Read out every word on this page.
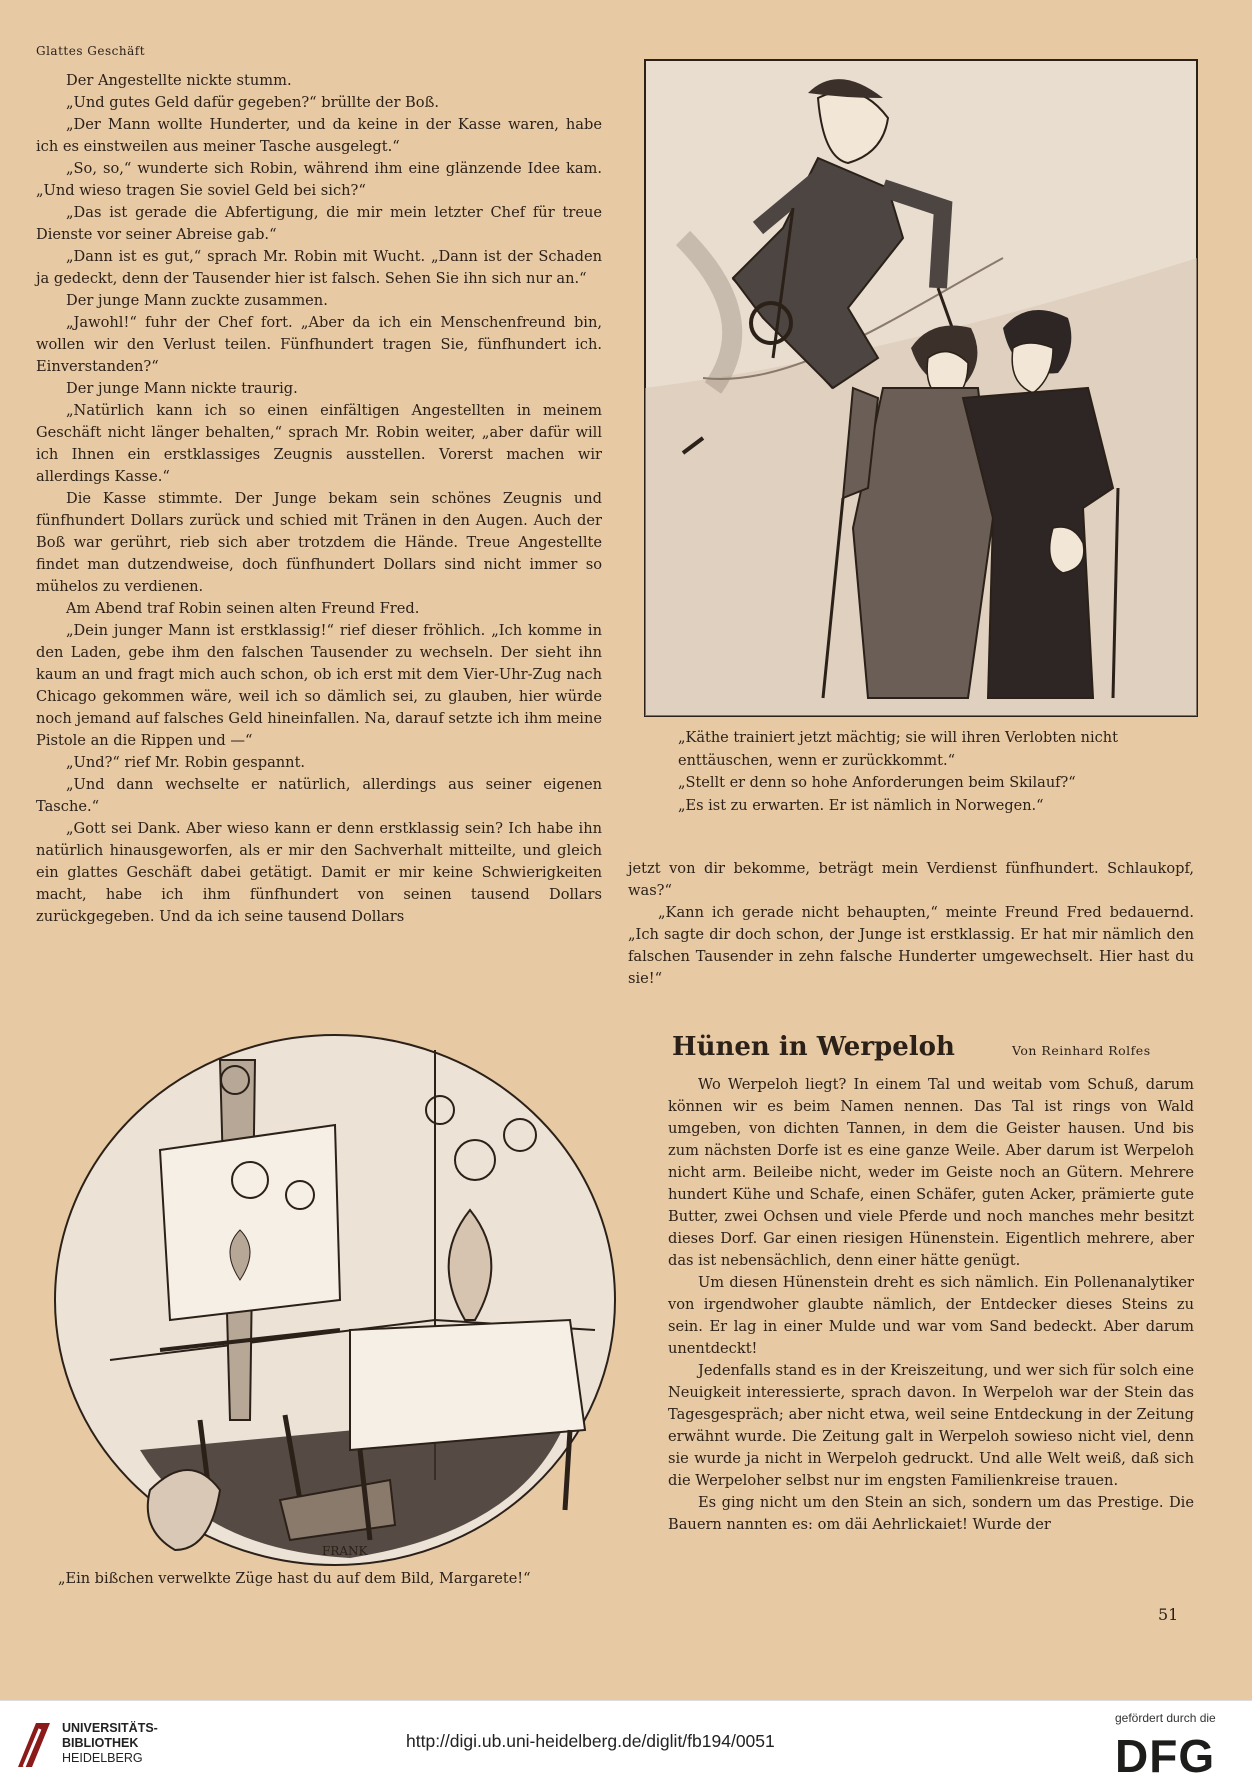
Glattes Geschäft

Der Angestellte nickte stumm.

„Und gutes Geld dafür gegeben?“ brüllte der Boß.

„Der Mann wollte Hunderter, und da keine in der Kasse waren, habe ich es einstweilen aus meiner Tasche ausgelegt.“

„So, so,“ wunderte sich Robin, während ihm eine glänzende Idee kam. „Und wieso tragen Sie soviel Geld bei sich?“

„Das ist gerade die Abfertigung, die mir mein letzter Chef für treue Dienste vor seiner Abreise gab.“

„Dann ist es gut,“ sprach Mr. Robin mit Wucht. „Dann ist der Schaden ja gedeckt, denn der Tausender hier ist falsch. Sehen Sie ihn sich nur an.“

Der junge Mann zuckte zusammen.

„Jawohl!“ fuhr der Chef fort. „Aber da ich ein Menschenfreund bin, wollen wir den Verlust teilen. Fünfhundert tragen Sie, fünfhundert ich. Einverstanden?“

Der junge Mann nickte traurig.

„Natürlich kann ich so einen einfältigen Angestellten in meinem Geschäft nicht länger behalten,“ sprach Mr. Robin weiter, „aber dafür will ich Ihnen ein erstklassiges Zeugnis ausstellen. Vorerst machen wir allerdings Kasse.“

Die Kasse stimmte. Der Junge bekam sein schönes Zeugnis und fünfhundert Dollars zurück und schied mit Tränen in den Augen. Auch der Boß war gerührt, rieb sich aber trotzdem die Hände. Treue Angestellte findet man dutzendweise, doch fünfhundert Dollars sind nicht immer so mühelos zu verdienen.

Am Abend traf Robin seinen alten Freund Fred.

„Dein junger Mann ist erstklassig!“ rief dieser fröhlich. „Ich komme in den Laden, gebe ihm den falschen Tausender zu wechseln. Der sieht ihn kaum an und fragt mich auch schon, ob ich erst mit dem Vier-Uhr-Zug nach Chicago gekommen wäre, weil ich so dämlich sei, zu glauben, hier würde noch jemand auf falsches Geld hineinfallen. Na, darauf setzte ich ihm meine Pistole an die Rippen und —“

„Und?“ rief Mr. Robin gespannt.

„Und dann wechselte er natürlich, allerdings aus seiner eigenen Tasche.“

„Gott sei Dank. Aber wieso kann er denn erstklassig sein? Ich habe ihn natürlich hinausgeworfen, als er mir den Sachverhalt mitteilte, und gleich ein glattes Geschäft dabei getätigt. Damit er mir keine Schwierigkeiten macht, habe ich ihm fünfhundert von seinen tausend Dollars zurückgegeben. Und da ich seine tausend Dollars

„Käthe trainiert jetzt mächtig; sie will ihren Verlobten nicht enttäuschen, wenn er zurückkommt.“

„Stellt er denn so hohe Anforderungen beim Skilauf?“

„Es ist zu erwarten. Er ist nämlich in Norwegen.“

jetzt von dir bekomme, beträgt mein Verdienst fünfhundert. Schlaukopf, was?“

„Kann ich gerade nicht behaupten,“ meinte Freund Fred bedauernd. „Ich sagte dir doch schon, der Junge ist erstklassig. Er hat mir nämlich den falschen Tausender in zehn falsche Hunderter umgewechselt. Hier hast du sie!“

FRANK
„Ein bißchen verwelkte Züge hast du auf dem Bild, Margarete!“
Hünen in Werpeloh	Von Reinhard Rolfes

Wo Werpeloh liegt? In einem Tal und weitab vom Schuß, darum können wir es beim Namen nennen. Das Tal ist rings von Wald umgeben, von dichten Tannen, in dem die Geister hausen. Und bis zum nächsten Dorfe ist es eine ganze Weile. Aber darum ist Werpeloh nicht arm. Beileibe nicht, weder im Geiste noch an Gütern. Mehrere hundert Kühe und Schafe, einen Schäfer, guten Acker, prämierte gute Butter, zwei Ochsen und viele Pferde und noch manches mehr besitzt dieses Dorf. Gar einen riesigen Hünenstein. Eigentlich mehrere, aber das ist nebensächlich, denn einer hätte genügt.

Um diesen Hünenstein dreht es sich nämlich. Ein Pollenanalytiker von irgendwoher glaubte nämlich, der Entdecker dieses Steins zu sein. Er lag in einer Mulde und war vom Sand bedeckt. Aber darum unentdeckt!

Jedenfalls stand es in der Kreiszeitung, und wer sich für solch eine Neuigkeit interessierte, sprach davon. In Werpeloh war der Stein das Tagesgespräch; aber nicht etwa, weil seine Entdeckung in der Zeitung erwähnt wurde. Die Zeitung galt in Werpeloh sowieso nicht viel, denn sie wurde ja nicht in Werpeloh gedruckt. Und alle Welt weiß, daß sich die Werpeloher selbst nur im engsten Familienkreise trauen.

Es ging nicht um den Stein an sich, sondern um das Prestige. Die Bauern nannten es: om däi Aehrlickaiet! Wurde der

51
UNIVERSITÄTS-
BIBLIOTHEK
HEIDELBERG
http://digi.ub.uni-heidelberg.de/diglit/fb194/0051
gefördert durch die
DFG
